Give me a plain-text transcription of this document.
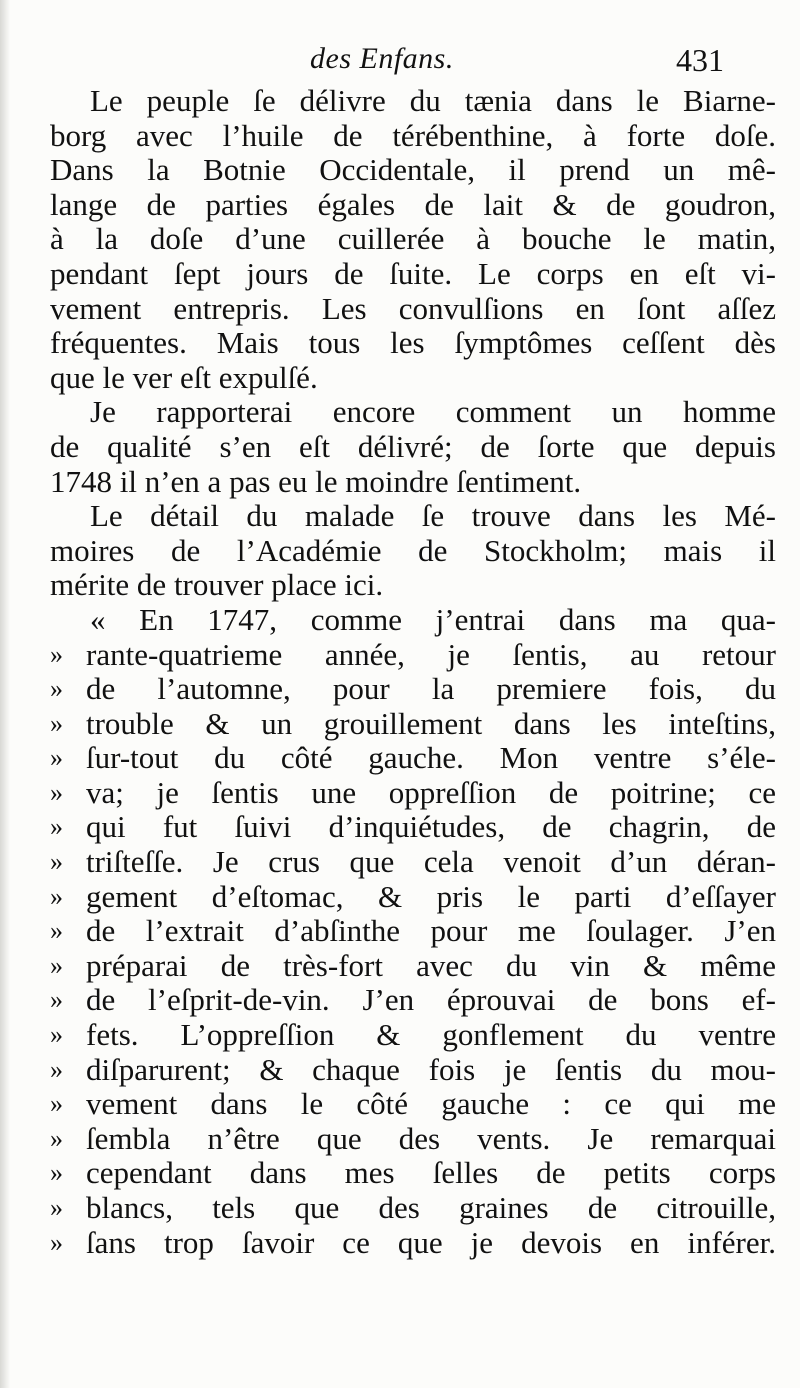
des Enfans.	431
Le peuple ſe délivre du tænia dans le Biarne-
borg avec l’huile de térébenthine, à forte doſe.
Dans la Botnie Occidentale, il prend un mê-
lange de parties égales de lait & de goudron,
à la doſe d’une cuillerée à bouche le matin,
pendant ſept jours de ſuite. Le corps en eſt vi-
vement entrepris. Les convulſions en ſont aſſez
fréquentes. Mais tous les ſymptômes ceſſent dès
que le ver eſt expulſé.
Je rapporterai encore comment un homme
de qualité s’en eſt délivré; de ſorte que depuis
1748 il n’en a pas eu le moindre ſentiment.
Le détail du malade ſe trouve dans les Mé-
moires de l’Académie de Stockholm; mais il
mérite de trouver place ici.
« En 1747, comme j’entrai dans ma qua-
» rante-quatrieme année, je ſentis, au retour
» de l’automne, pour la premiere fois, du
» trouble & un grouillement dans les inteſtins,
» ſur-tout du côté gauche. Mon ventre s’éle-
» va; je ſentis une oppreſſion de poitrine; ce
» qui fut ſuivi d’inquiétudes, de chagrin, de
» triſteſſe. Je crus que cela venoit d’un déran-
» gement d’eſtomac, & pris le parti d’eſſayer
» de l’extrait d’abſinthe pour me ſoulager. J’en
» préparai de très-fort avec du vin & même
» de l’eſprit-de-vin. J’en éprouvai de bons ef-
» fets. L’oppreſſion & gonflement du ventre
» diſparurent; & chaque fois je ſentis du mou-
» vement dans le côté gauche : ce qui me
» ſembla n’être que des vents. Je remarquai
» cependant dans mes ſelles de petits corps
» blancs, tels que des graines de citrouille,
» ſans trop ſavoir ce que je devois en inférer.
